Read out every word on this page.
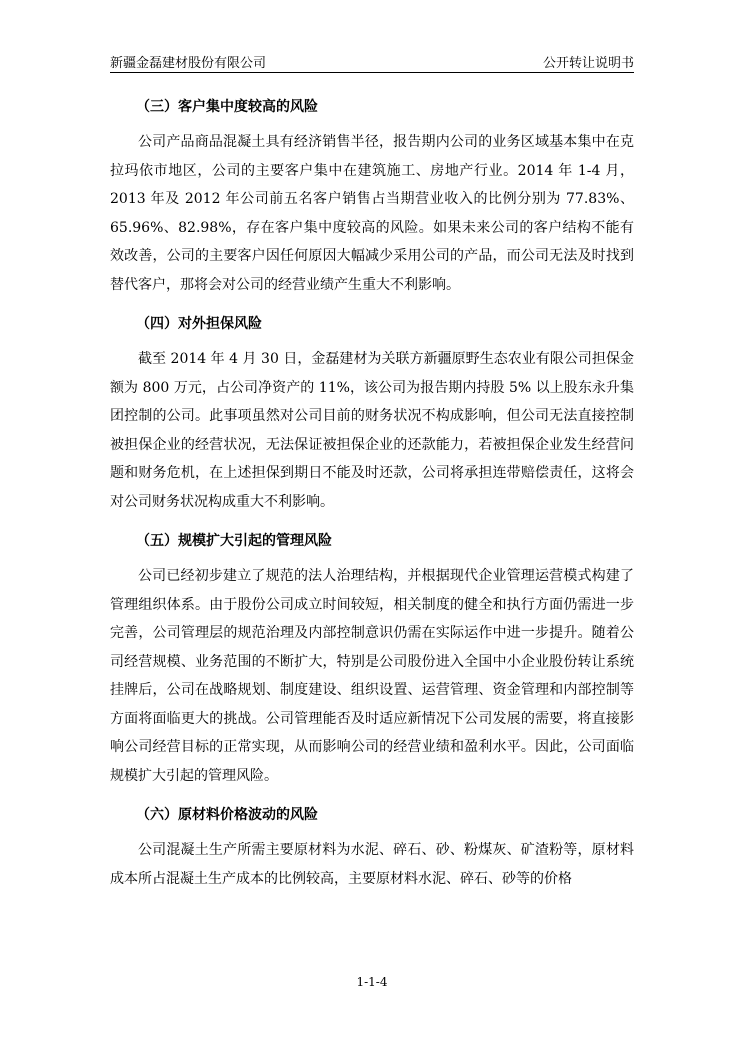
新疆金磊建材股份有限公司	公开转让说明书
（三）客户集中度较高的风险

公司产品商品混凝土具有经济销售半径，报告期内公司的业务区域基本集中在克拉玛依市地区，公司的主要客户集中在建筑施工、房地产行业。2014 年 1-4 月，2013 年及 2012 年公司前五名客户销售占当期营业收入的比例分别为 77.83%、65.96%、82.98%，存在客户集中度较高的风险。如果未来公司的客户结构不能有效改善，公司的主要客户因任何原因大幅减少采用公司的产品，而公司无法及时找到替代客户，那将会对公司的经营业绩产生重大不利影响。

（四）对外担保风险

截至 2014 年 4 月 30 日，金磊建材为关联方新疆原野生态农业有限公司担保金额为 800 万元，占公司净资产的 11%，该公司为报告期内持股 5% 以上股东永升集团控制的公司。此事项虽然对公司目前的财务状况不构成影响，但公司无法直接控制被担保企业的经营状况，无法保证被担保企业的还款能力，若被担保企业发生经营问题和财务危机，在上述担保到期日不能及时还款，公司将承担连带赔偿责任，这将会对公司财务状况构成重大不利影响。

（五）规模扩大引起的管理风险

公司已经初步建立了规范的法人治理结构，并根据现代企业管理运营模式构建了管理组织体系。由于股份公司成立时间较短，相关制度的健全和执行方面仍需进一步完善，公司管理层的规范治理及内部控制意识仍需在实际运作中进一步提升。随着公司经营规模、业务范围的不断扩大，特别是公司股份进入全国中小企业股份转让系统挂牌后，公司在战略规划、制度建设、组织设置、运营管理、资金管理和内部控制等方面将面临更大的挑战。公司管理能否及时适应新情况下公司发展的需要，将直接影响公司经营目标的正常实现，从而影响公司的经营业绩和盈利水平。因此，公司面临规模扩大引起的管理风险。

（六）原材料价格波动的风险

公司混凝土生产所需主要原材料为水泥、碎石、砂、粉煤灰、矿渣粉等，原材料成本所占混凝土生产成本的比例较高，主要原材料水泥、碎石、砂等的价格

1-1-4
